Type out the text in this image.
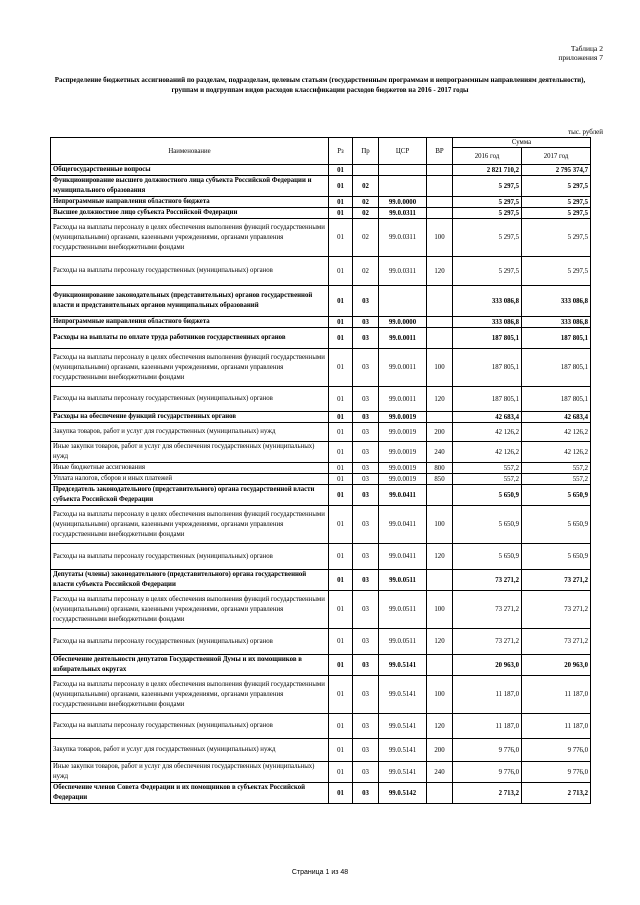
Таблица 2
приложения 7
Распределение бюджетных ассигнований по разделам, подразделам, целевым статьям (государственным программам и непрограммным направлениям деятельности), группам и подгруппам видов расходов классификации расходов бюджетов на 2016 - 2017 годы
тыс. рублей
Наименование	Рз	Пр	ЦСР	ВР	Сумма	
					2016 год	2017 год
Общегосударственные вопросы	01				2 821 710,2	2 795 374,7
Функционирование высшего должностного лица субъекта Российской Федерации и муниципального образования	01	02			5 297,5	5 297,5
Непрограммные направления областного бюджета	01	02	99.0.0000		5 297,5	5 297,5
Высшее должностное лицо субъекта Российской Федерации	01	02	99.0.0311		5 297,5	5 297,5
Расходы на выплаты персоналу в целях обеспечения выполнения функций государственными (муниципальными) органами, казенными учреждениями, органами управления государственными внебюджетными фондами	01	02	99.0.0311	100	5 297,5	5 297,5
Расходы на выплаты персоналу государственных (муниципальных) органов	01	02	99.0.0311	120	5 297,5	5 297,5
Функционирование законодательных (представительных) органов государственной власти и представительных органов муниципальных образований	01	03			333 086,8	333 086,8
Непрограммные направления областного бюджета	01	03	99.0.0000		333 086,8	333 086,8
Расходы на выплаты по оплате труда работников государственных органов	01	03	99.0.0011		187 805,1	187 805,1
Расходы на выплаты персоналу в целях обеспечения выполнения функций государственными (муниципальными) органами, казенными учреждениями, органами управления государственными внебюджетными фондами	01	03	99.0.0011	100	187 805,1	187 805,1
Расходы на выплаты персоналу государственных (муниципальных) органов	01	03	99.0.0011	120	187 805,1	187 805,1
Расходы на обеспечение функций государственных органов	01	03	99.0.0019		42 683,4	42 683,4
Закупка товаров, работ и услуг для государственных (муниципальных) нужд	01	03	99.0.0019	200	42 126,2	42 126,2
Иные закупки товаров, работ и услуг для обеспечения государственных (муниципальных) нужд	01	03	99.0.0019	240	42 126,2	42 126,2
Иные бюджетные ассигнования	01	03	99.0.0019	800	557,2	557,2
Уплата налогов, сборов и иных платежей	01	03	99.0.0019	850	557,2	557,2
Председатель законодательного (представительного) органа государственной власти субъекта Российской Федерации	01	03	99.0.0411		5 650,9	5 650,9
Расходы на выплаты персоналу в целях обеспечения выполнения функций государственными (муниципальными) органами, казенными учреждениями, органами управления государственными внебюджетными фондами	01	03	99.0.0411	100	5 650,9	5 650,9
Расходы на выплаты персоналу государственных (муниципальных) органов	01	03	99.0.0411	120	5 650,9	5 650,9
Депутаты (члены) законодательного (представительного) органа государственной власти субъекта Российской Федерации	01	03	99.0.0511		73 271,2	73 271,2
Расходы на выплаты персоналу в целях обеспечения выполнения функций государственными (муниципальными) органами, казенными учреждениями, органами управления государственными внебюджетными фондами	01	03	99.0.0511	100	73 271,2	73 271,2
Расходы на выплаты персоналу государственных (муниципальных) органов	01	03	99.0.0511	120	73 271,2	73 271,2
Обеспечение деятельности депутатов Государственной Думы и их помощников в избирательных округах	01	03	99.0.5141		20 963,0	20 963,0
Расходы на выплаты персоналу в целях обеспечения выполнения функций государственными (муниципальными) органами, казенными учреждениями, органами управления государственными внебюджетными фондами	01	03	99.0.5141	100	11 187,0	11 187,0
Расходы на выплаты персоналу государственных (муниципальных) органов	01	03	99.0.5141	120	11 187,0	11 187,0
Закупка товаров, работ и услуг для государственных (муниципальных) нужд	01	03	99.0.5141	200	9 776,0	9 776,0
Иные закупки товаров, работ и услуг для обеспечения государственных (муниципальных) нужд	01	03	99.0.5141	240	9 776,0	9 776,0
Обеспечение членов Совета Федерации и их помощников в субъектах Российской Федерации	01	03	99.0.5142		2 713,2	2 713,2
Страница 1 из 48
